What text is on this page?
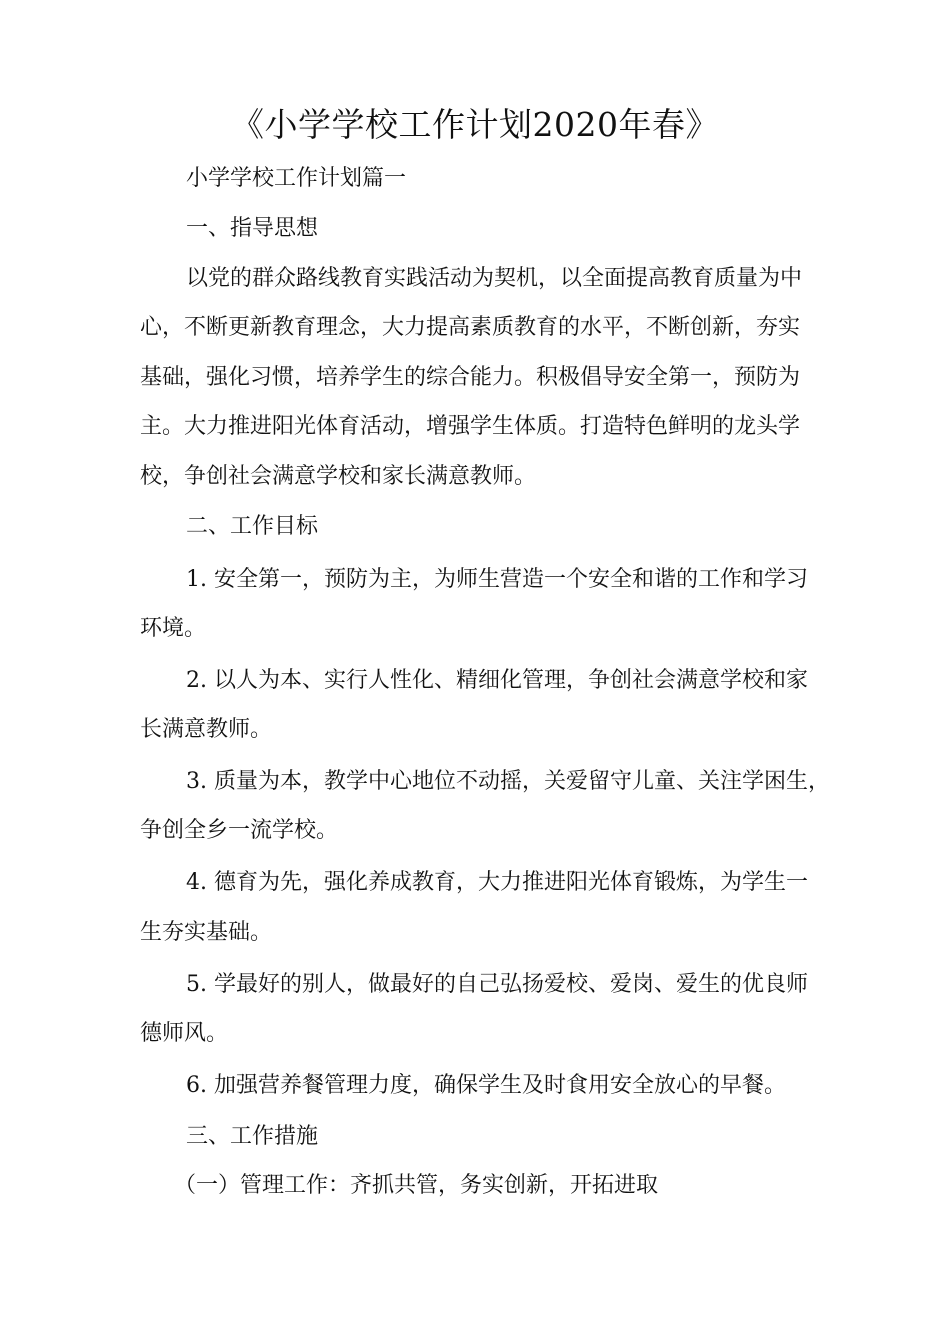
《小学学校工作计划2020年春》
小学学校工作计划篇一
一、指导思想
以党的群众路线教育实践活动为契机，以全面提高教育质量为中
心，不断更新教育理念，大力提高素质教育的水平，不断创新，夯实
基础，强化习惯，培养学生的综合能力。积极倡导安全第一，预防为
主。大力推进阳光体育活动，增强学生体质。打造特色鲜明的龙头学
校，争创社会满意学校和家长满意教师。
二、工作目标
1. 安全第一，预防为主，为师生营造一个安全和谐的工作和学习
环境。
2. 以人为本、实行人性化、精细化管理，争创社会满意学校和家
长满意教师。
3. 质量为本，教学中心地位不动摇，关爱留守儿童、关注学困生，
争创全乡一流学校。
4. 德育为先，强化养成教育，大力推进阳光体育锻炼，为学生一
生夯实基础。
5. 学最好的别人，做最好的自己弘扬爱校、爱岗、爱生的优良师
德师风。
6. 加强营养餐管理力度，确保学生及时食用安全放心的早餐。
三、工作措施
（一）管理工作：齐抓共管，务实创新，开拓进取
